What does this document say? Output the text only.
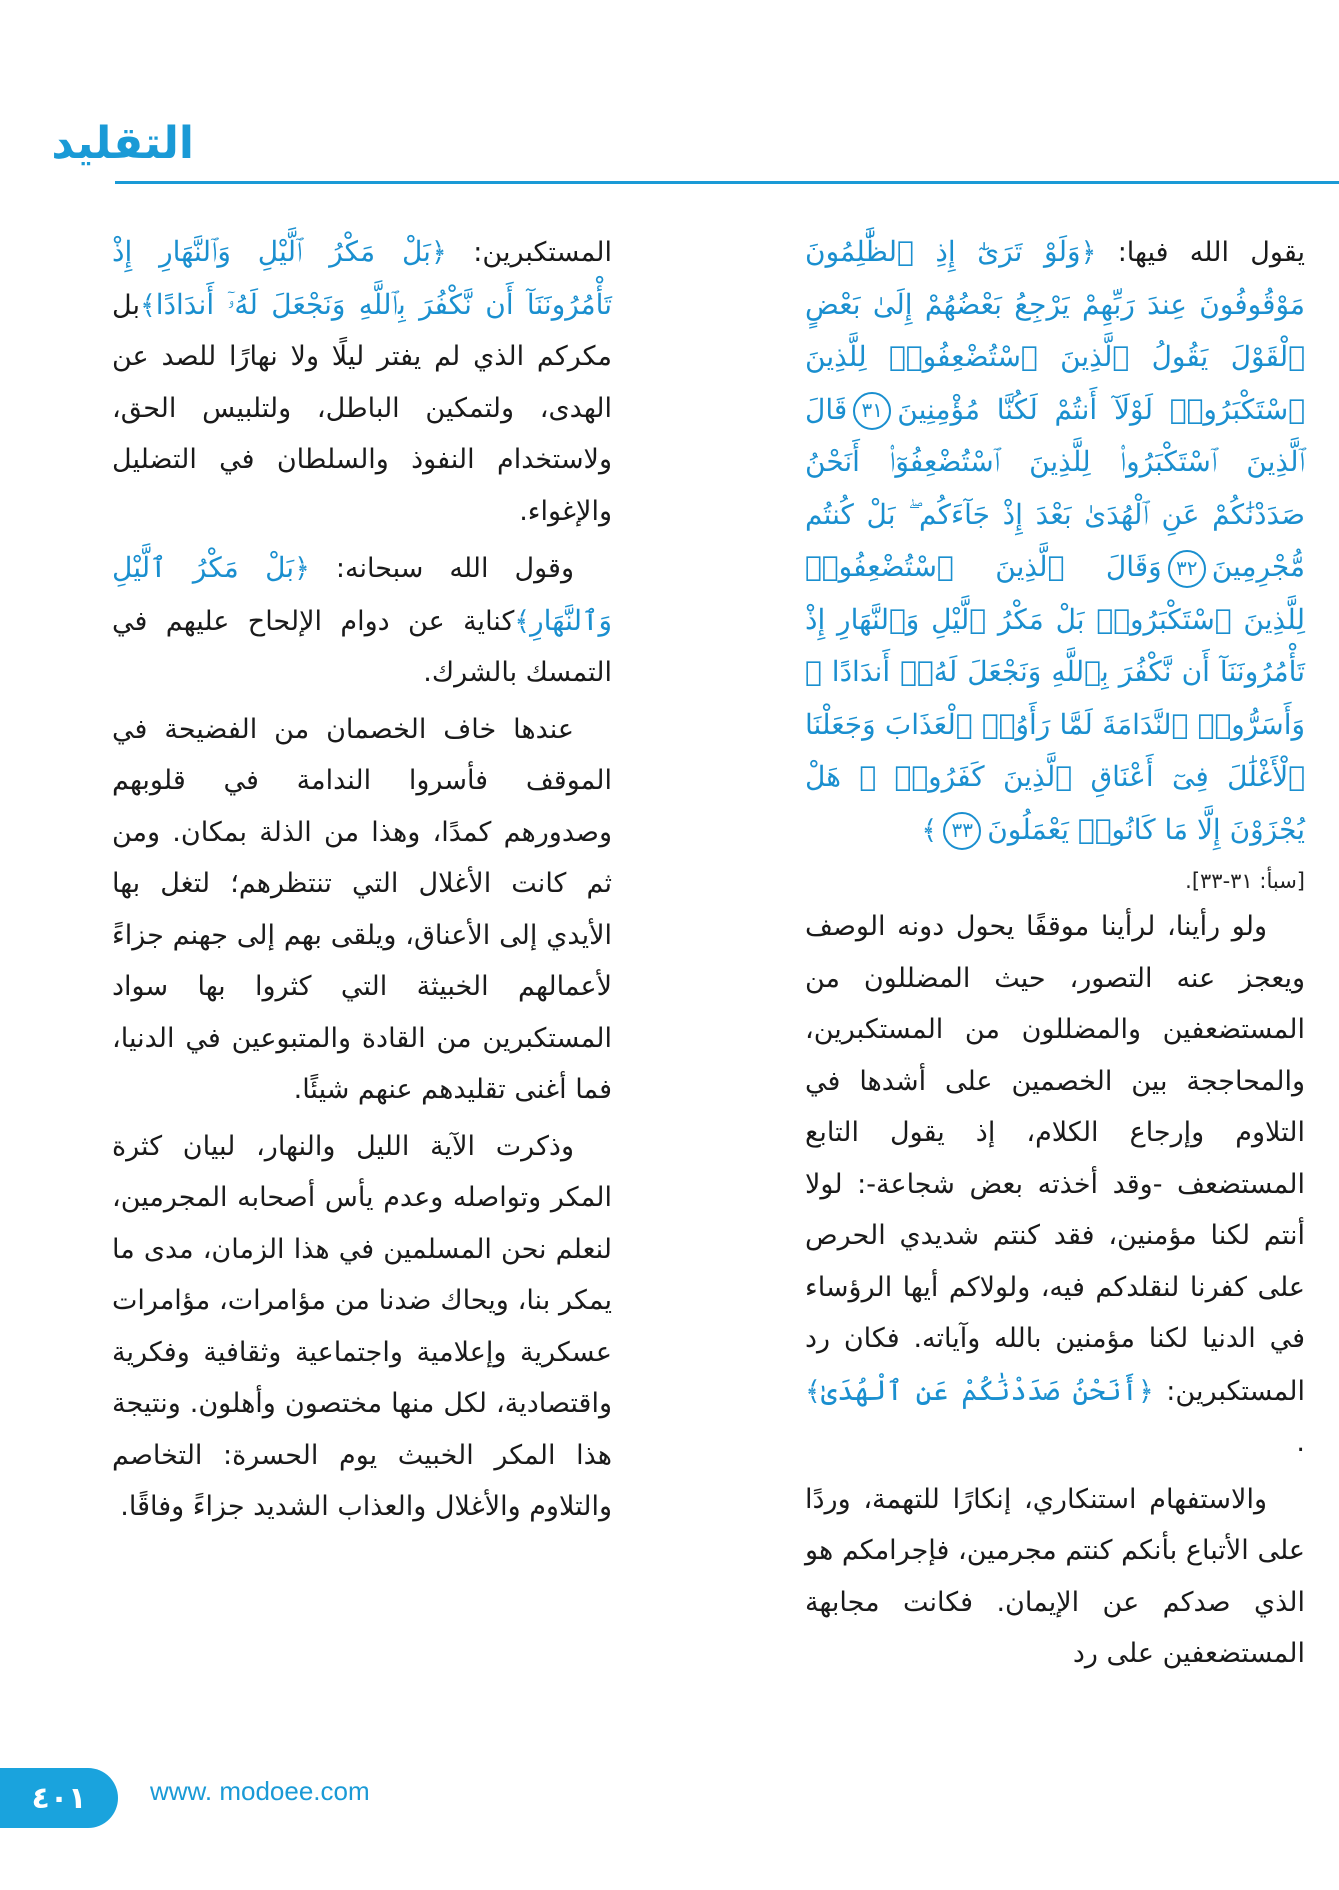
التقليد

يقول الله فيها: ﴿وَلَوْ تَرَىٰٓ إِذِ ٱلظَّٰلِمُونَ مَوْقُوفُونَ عِندَ رَبِّهِمْ يَرْجِعُ بَعْضُهُمْ إِلَىٰ بَعْضٍ ٱلْقَوْلَ يَقُولُ ٱلَّذِينَ ٱسْتُضْعِفُوا۟ لِلَّذِينَ ٱسْتَكْبَرُوا۟ لَوْلَآ أَنتُمْ لَكُنَّا مُؤْمِنِينَ٣١قَالَ ٱلَّذِينَ ٱسْتَكْبَرُوا۟ لِلَّذِينَ ٱسْتُضْعِفُوٓا۟ أَنَحْنُ صَدَدْنَٰكُمْ عَنِ ٱلْهُدَىٰ بَعْدَ إِذْ جَآءَكُم ۖ بَلْ كُنتُم مُّجْرِمِينَ٣٢وَقَالَ ٱلَّذِينَ ٱسْتُضْعِفُوا۟ لِلَّذِينَ ٱسْتَكْبَرُوا۟ بَلْ مَكْرُ ٱلَّيْلِ وَٱلنَّهَارِ إِذْ تَأْمُرُونَنَآ أَن نَّكْفُرَ بِٱللَّهِ وَنَجْعَلَ لَهُۥٓ أَندَادًا ۚ وَأَسَرُّوا۟ ٱلنَّدَامَةَ لَمَّا رَأَوُا۟ ٱلْعَذَابَ وَجَعَلْنَا ٱلْأَغْلَٰلَ فِىٓ أَعْنَاقِ ٱلَّذِينَ كَفَرُوا۟ ۚ هَلْ يُجْزَوْنَ إِلَّا مَا كَانُوا۟ يَعْمَلُونَ٣٣﴾

[سبأ: ٣١-٣٣].

ولو رأينا، لرأينا موقفًا يحول دونه الوصف ويعجز عنه التصور، حيث المضللون من المستضعفين والمضللون من المستكبرين، والمحاججة بين الخصمين على أشدها في التلاوم وإرجاع الكلام، إذ يقول التابع المستضعف -وقد أخذته بعض شجاعة-: لولا أنتم لكنا مؤمنين، فقد كنتم شديدي الحرص على كفرنا لنقلدكم فيه، ولولاكم أيها الرؤساء في الدنيا لكنا مؤمنين بالله وآياته. فكان رد المستكبرين: ﴿أَنَحْنُ صَدَدْنَٰكُمْ عَنِ ٱلْهُدَىٰ﴾ .

والاستفهام استنكاري، إنكارًا للتهمة، وردًا على الأتباع بأنكم كنتم مجرمين، فإجرامكم هو الذي صدكم عن الإيمان. فكانت مجابهة المستضعفين على رد

المستكبرين: ﴿بَلْ مَكْرُ ٱلَّيْلِ وَٱلنَّهَارِ إِذْ تَأْمُرُونَنَآ أَن نَّكْفُرَ بِٱللَّهِ وَنَجْعَلَ لَهُۥٓ أَندَادًا﴾بل مكركم الذي لم يفتر ليلًا ولا نهارًا للصد عن الهدى، ولتمكين الباطل، ولتلبيس الحق، ولاستخدام النفوذ والسلطان في التضليل والإغواء.

وقول الله سبحانه: ﴿بَلْ مَكْرُ ٱلَّيْلِ وَٱلنَّهَارِ﴾كناية عن دوام الإلحاح عليهم في التمسك بالشرك.

عندها خاف الخصمان من الفضيحة في الموقف فأسروا الندامة في قلوبهم وصدورهم كمدًا، وهذا من الذلة بمكان. ومن ثم كانت الأغلال التي تنتظرهم؛ لتغل بها الأيدي إلى الأعناق، ويلقى بهم إلى جهنم جزاءً لأعمالهم الخبيثة التي كثروا بها سواد المستكبرين من القادة والمتبوعين في الدنيا، فما أغنى تقليدهم عنهم شيئًا.

وذكرت الآية الليل والنهار، لبيان كثرة المكر وتواصله وعدم يأس أصحابه المجرمين، لنعلم نحن المسلمين في هذا الزمان، مدى ما يمكر بنا، ويحاك ضدنا من مؤامرات، مؤامرات عسكرية وإعلامية واجتماعية وثقافية وفكرية واقتصادية، لكل منها مختصون وأهلون. ونتيجة هذا المكر الخبيث يوم الحسرة: التخاصم والتلاوم والأغلال والعذاب الشديد جزاءً وفاقًا.

٤٠١	www. modoee.com
